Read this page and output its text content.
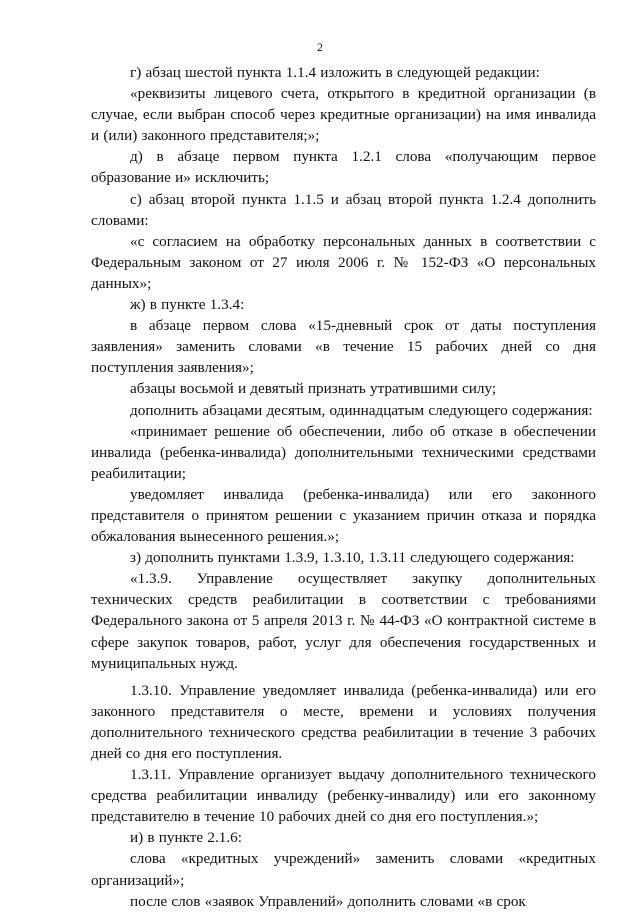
2

г) абзац шестой пункта 1.1.4 изложить в следующей редакции:

«реквизиты лицевого счета, открытого в кредитной организации (в случае, если выбран способ через кредитные организации) на имя инвалида и (или) законного представителя;»;

д) в абзаце первом пункта 1.2.1 слова «получающим первое образование и» исключить;

с) абзац второй пункта 1.1.5 и абзац второй пункта 1.2.4 дополнить словами:

«с согласием на обработку персональных данных в соответствии с Федеральным законом от 27 июля 2006 г. № 152-ФЗ «О персональных данных»;

ж) в пункте 1.3.4:

в абзаце первом слова «15-дневный срок от даты поступления заявления» заменить словами «в течение 15 рабочих дней со дня поступления заявления»;

абзацы восьмой и девятый признать утратившими силу;

дополнить абзацами десятым, одиннадцатым следующего содержания:

«принимает решение об обеспечении, либо об отказе в обеспечении инвалида (ребенка-инвалида) дополнительными техническими средствами реабилитации;

уведомляет инвалида (ребенка-инвалида) или его законного представителя о принятом решении с указанием причин отказа и порядка обжалования вынесенного решения.»;

з) дополнить пунктами 1.3.9, 1.3.10, 1.3.11 следующего содержания:

«1.3.9. Управление осуществляет закупку дополнительных технических средств реабилитации в соответствии с требованиями Федерального закона от 5 апреля 2013 г. № 44-ФЗ «О контрактной системе в сфере закупок товаров, работ, услуг для обеспечения государственных и муниципальных нужд.

1.3.10. Управление уведомляет инвалида (ребенка-инвалида) или его законного представителя о месте, времени и условиях получения дополнительного технического средства реабилитации в течение 3 рабочих дней со дня его поступления.

1.3.11. Управление организует выдачу дополнительного технического средства реабилитации инвалиду (ребенку-инвалиду) или его законному представителю в течение 10 рабочих дней со дня его поступления.»;

и) в пункте 2.1.6:

слова «кредитных учреждений» заменить словами «кредитных организаций»;

после слов «заявок Управлений» дополнить словами «в срок
